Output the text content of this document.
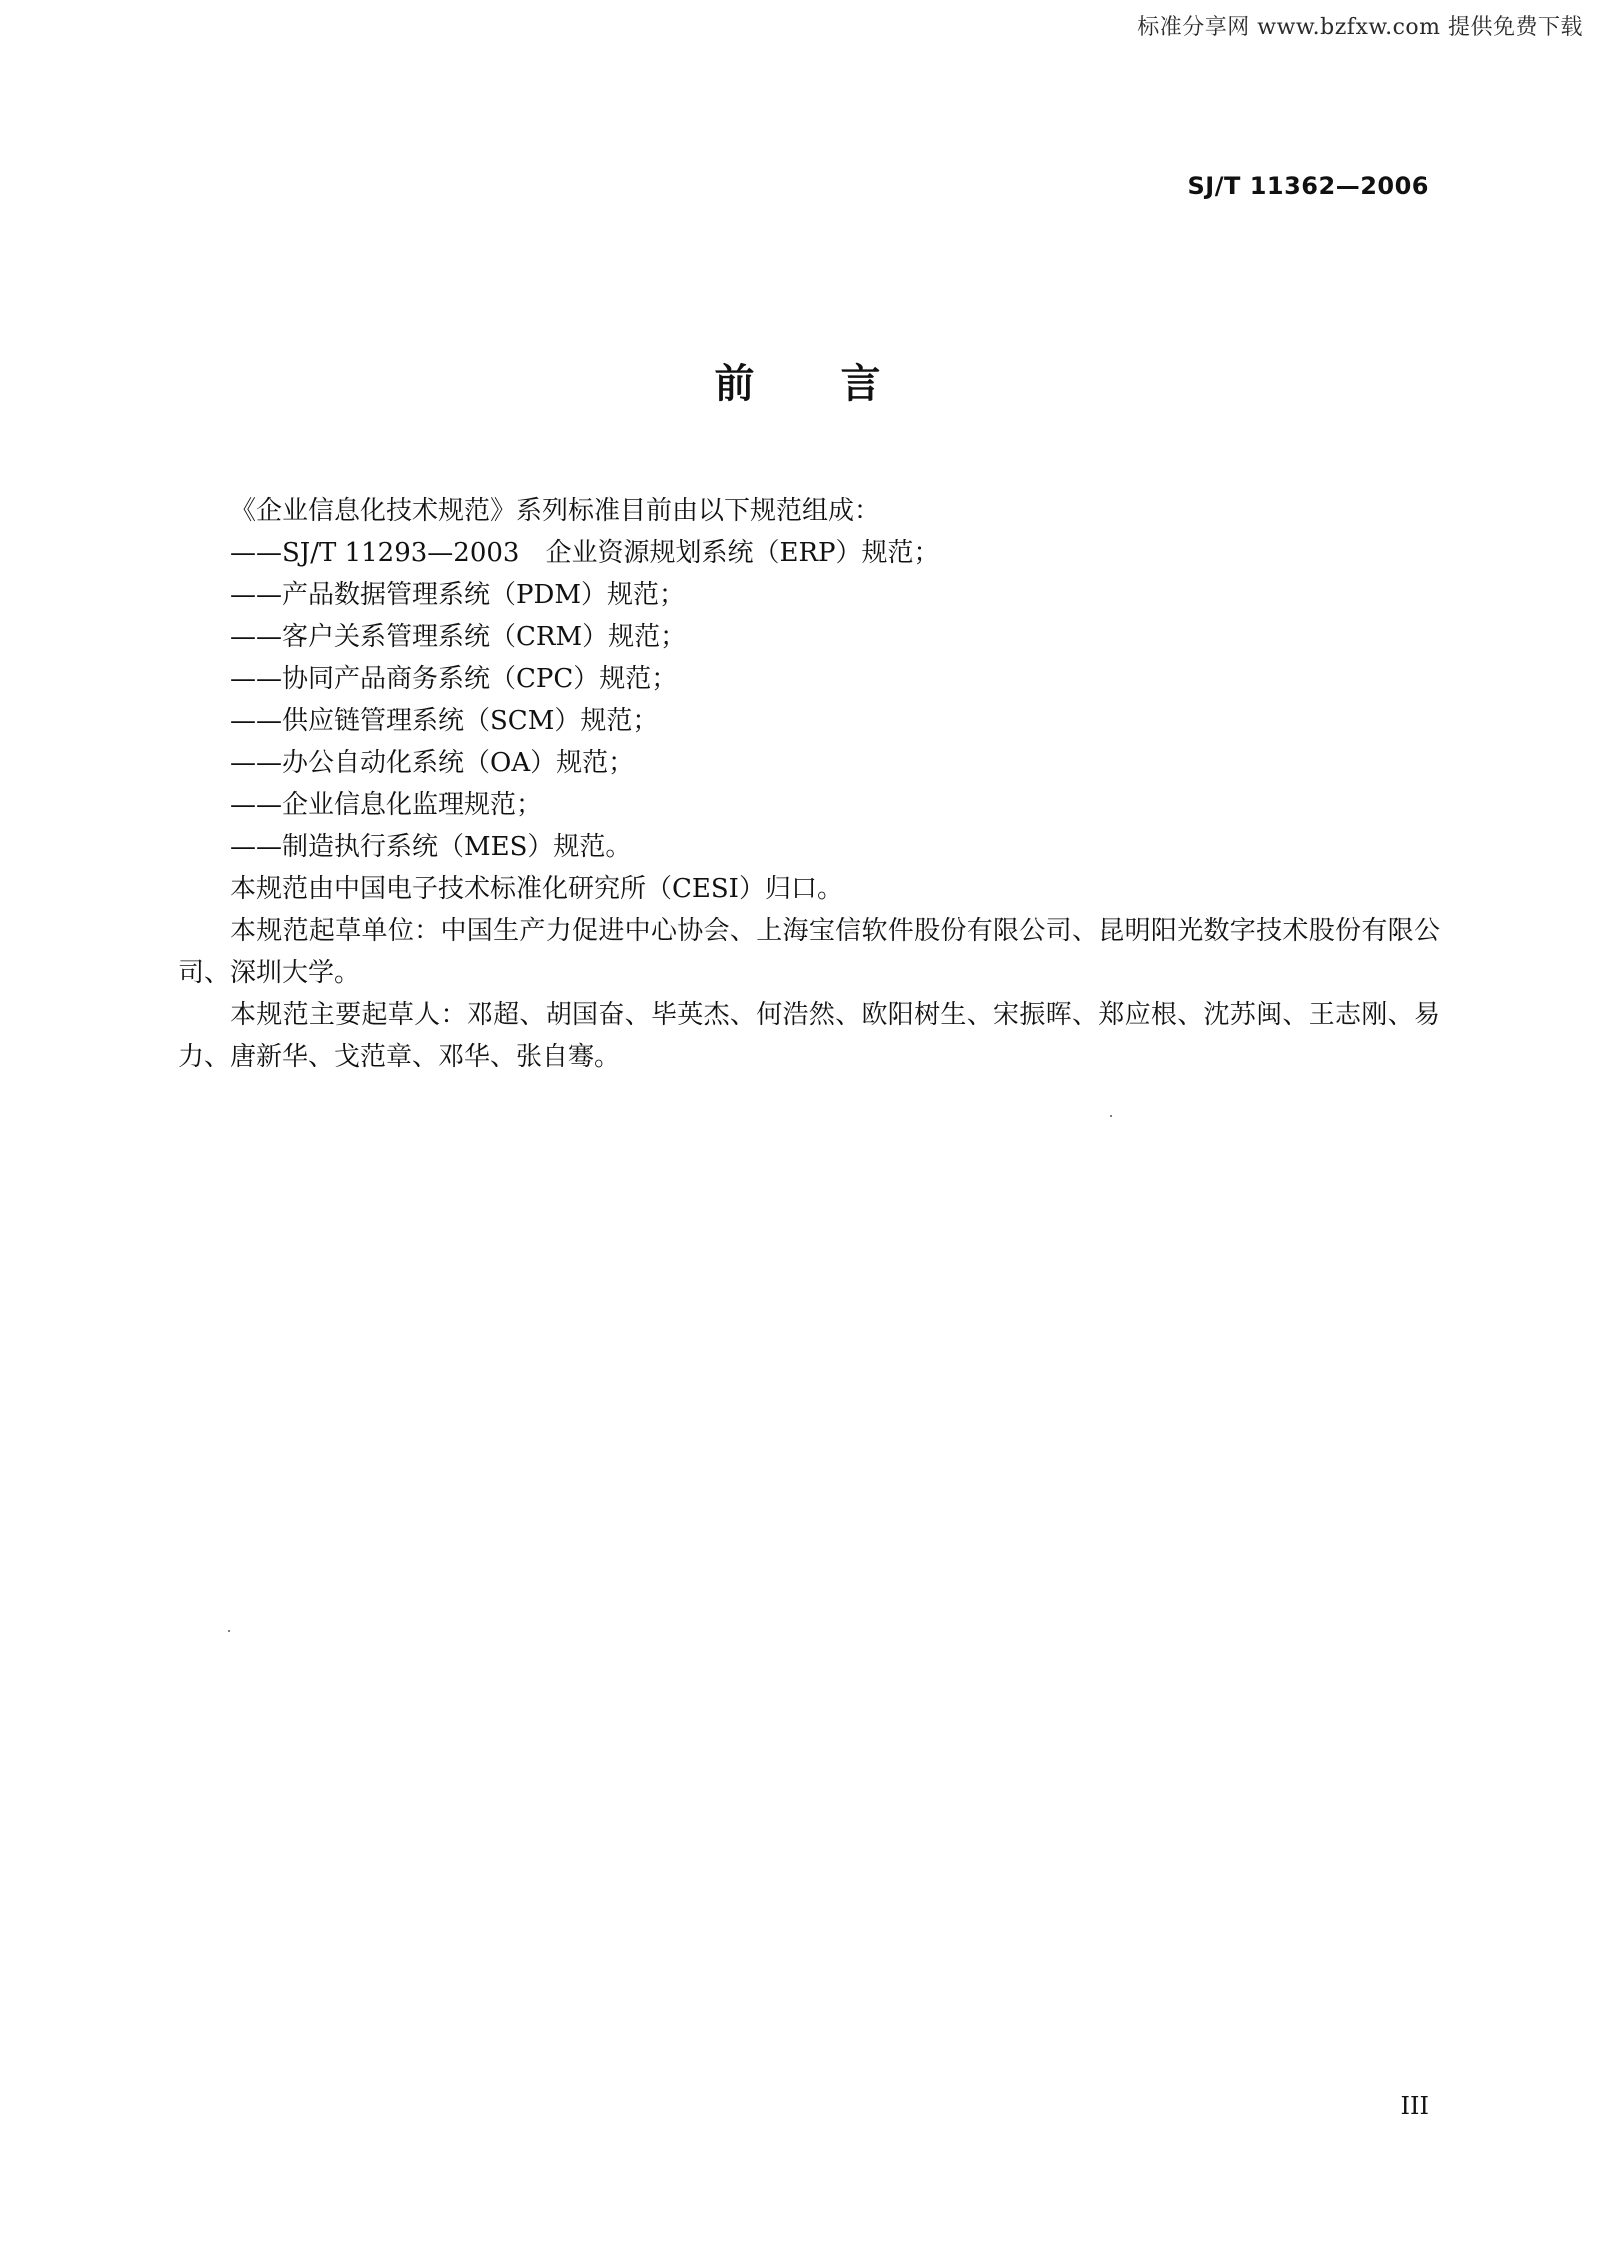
标准分享网 www.bzfxw.com 提供免费下载
SJ/T 11362—2006
前　　言

《企业信息化技术规范》系列标准目前由以下规范组成：

——SJ/T 11293—2003　企业资源规划系统（ERP）规范；

——产品数据管理系统（PDM）规范；

——客户关系管理系统（CRM）规范；

——协同产品商务系统（CPC）规范；

——供应链管理系统（SCM）规范；

——办公自动化系统（OA）规范；

——企业信息化监理规范；

——制造执行系统（MES）规范。

本规范由中国电子技术标准化研究所（CESI）归口。

本规范起草单位：中国生产力促进中心协会、上海宝信软件股份有限公司、昆明阳光数字技术股份有限公司、深圳大学。

本规范主要起草人：邓超、胡国奋、毕英杰、何浩然、欧阳树生、宋振晖、郑应根、沈苏闽、王志刚、易力、唐新华、戈范章、邓华、张自骞。

III
